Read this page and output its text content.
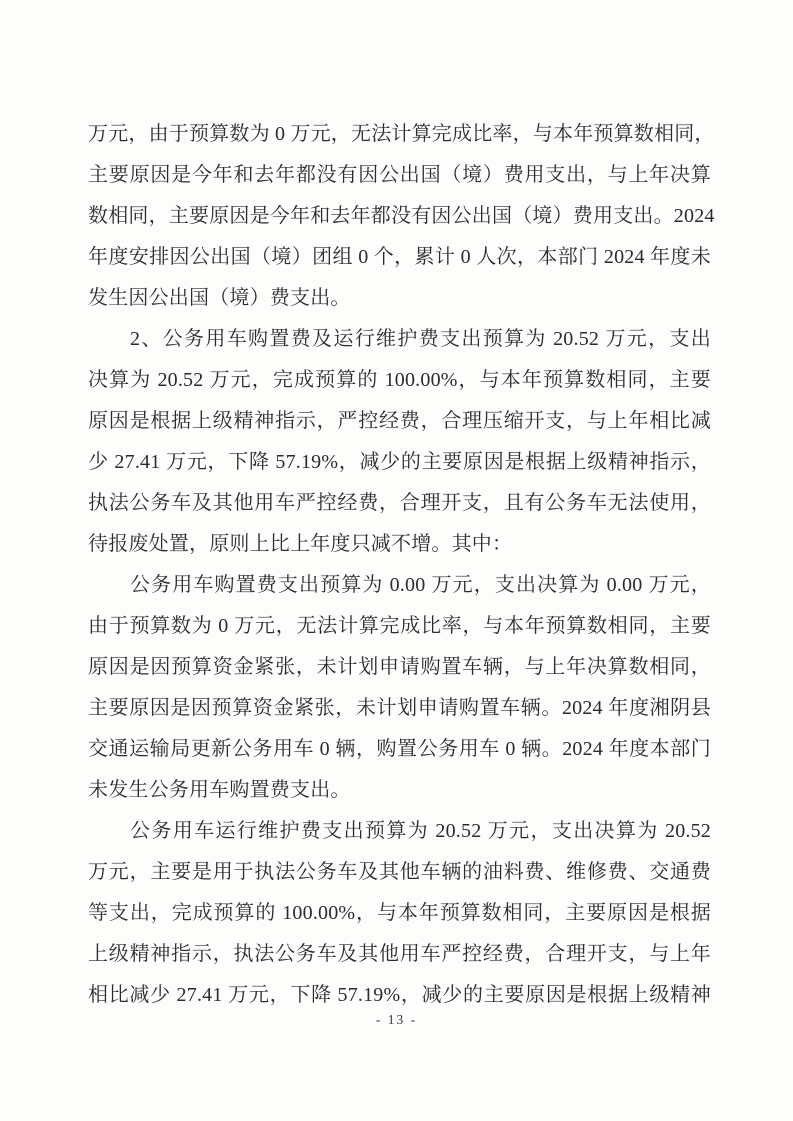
万元，由于预算数为 0 万元，无法计算完成比率，与本年预算数相同，
主要原因是今年和去年都没有因公出国（境）费用支出，与上年决算
数相同，主要原因是今年和去年都没有因公出国（境）费用支出。2024
年度安排因公出国（境）团组 0 个，累计 0 人次，本部门 2024 年度未
发生因公出国（境）费支出。
2、公务用车购置费及运行维护费支出预算为 20.52 万元，支出
决算为 20.52 万元，完成预算的 100.00%，与本年预算数相同，主要
原因是根据上级精神指示，严控经费，合理压缩开支，与上年相比减
少 27.41 万元，下降 57.19%，减少的主要原因是根据上级精神指示，
执法公务车及其他用车严控经费，合理开支，且有公务车无法使用，
待报废处置，原则上比上年度只减不增。其中：
公务用车购置费支出预算为 0.00 万元，支出决算为 0.00 万元，
由于预算数为 0 万元，无法计算完成比率，与本年预算数相同，主要
原因是因预算资金紧张，未计划申请购置车辆，与上年决算数相同，
主要原因是因预算资金紧张，未计划申请购置车辆。2024 年度湘阴县
交通运输局更新公务用车 0 辆，购置公务用车 0 辆。2024 年度本部门
未发生公务用车购置费支出。
公务用车运行维护费支出预算为 20.52 万元，支出决算为 20.52
万元，主要是用于执法公务车及其他车辆的油料费、维修费、交通费
等支出，完成预算的 100.00%，与本年预算数相同，主要原因是根据
上级精神指示，执法公务车及其他用车严控经费，合理开支，与上年
相比减少 27.41 万元，下降 57.19%，减少的主要原因是根据上级精神
- 13 -
